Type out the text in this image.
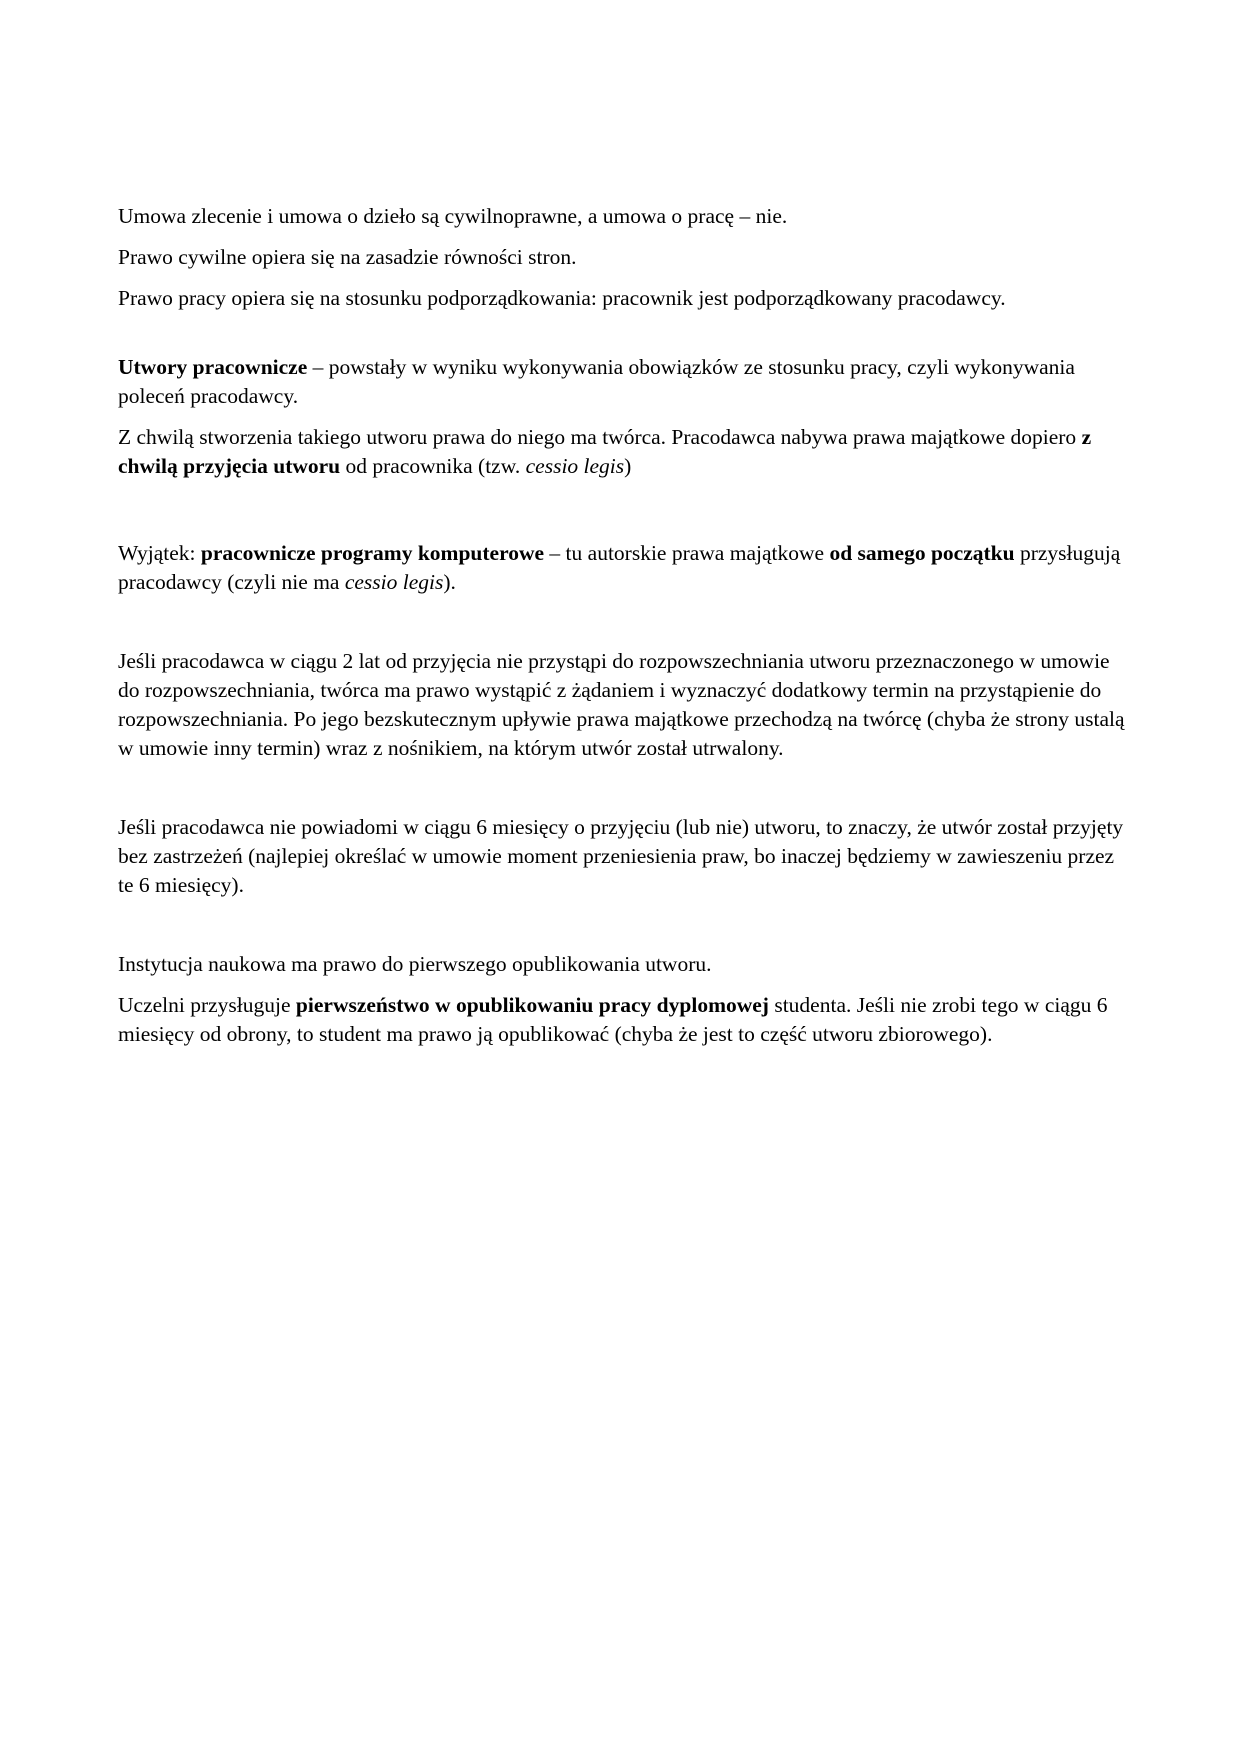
Umowa zlecenie i umowa o dzieło są cywilnoprawne, a umowa o pracę – nie.

Prawo cywilne opiera się na zasadzie równości stron.

Prawo pracy opiera się na stosunku podporządkowania: pracownik jest podporządkowany pracodawcy.

Utwory pracownicze – powstały w wyniku wykonywania obowiązków ze stosunku pracy, czyli wykonywania poleceń pracodawcy.

Z chwilą stworzenia takiego utworu prawa do niego ma twórca. Pracodawca nabywa prawa majątkowe dopiero z chwilą przyjęcia utworu od pracownika (tzw. cessio legis)

Wyjątek: pracownicze programy komputerowe – tu autorskie prawa majątkowe od samego początku przysługują pracodawcy (czyli nie ma cessio legis).

Jeśli pracodawca w ciągu 2 lat od przyjęcia nie przystąpi do rozpowszechniania utworu przeznaczonego w umowie do rozpowszechniania, twórca ma prawo wystąpić z żądaniem i wyznaczyć dodatkowy termin na przystąpienie do rozpowszechniania. Po jego bezskutecznym upływie prawa majątkowe przechodzą na twórcę (chyba że strony ustalą w umowie inny termin) wraz z nośnikiem, na którym utwór został utrwalony.

Jeśli pracodawca nie powiadomi w ciągu 6 miesięcy o przyjęciu (lub nie) utworu, to znaczy, że utwór został przyjęty bez zastrzeżeń (najlepiej określać w umowie moment przeniesienia praw, bo inaczej będziemy w zawieszeniu przez te 6 miesięcy).

Instytucja naukowa ma prawo do pierwszego opublikowania utworu.

Uczelni przysługuje pierwszeństwo w opublikowaniu pracy dyplomowej studenta. Jeśli nie zrobi tego w ciągu 6 miesięcy od obrony, to student ma prawo ją opublikować (chyba że jest to część utworu zbiorowego).
